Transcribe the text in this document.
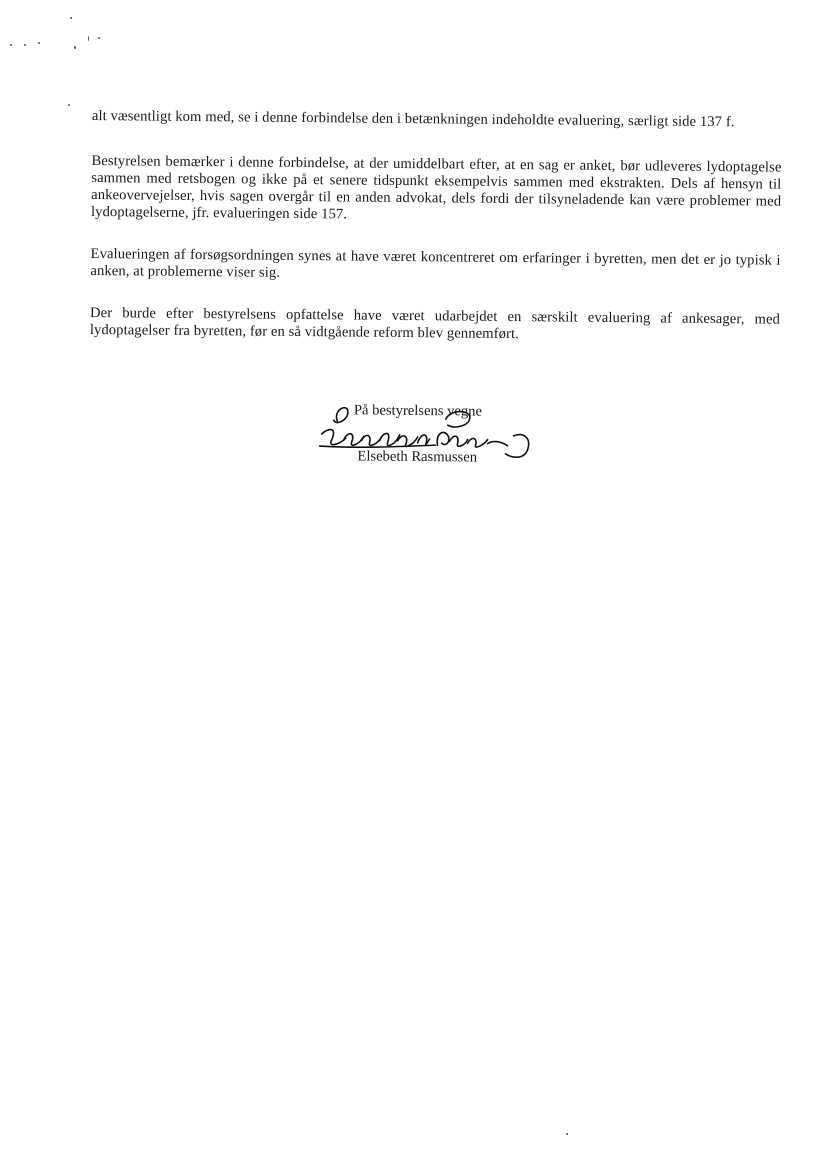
alt væsentligt kom med, se i denne forbindelse den i betænkningen indeholdte evaluering, særligt side 137 f.

Bestyrelsen bemærker i denne forbindelse, at der umiddelbart efter, at en sag er anket, bør udleveres lydoptagelse sammen med retsbogen og ikke på et senere tidspunkt eksempelvis sammen med ekstrakten. Dels af hensyn til ankeovervejelser, hvis sagen overgår til en anden advokat, dels fordi der tilsyneladende kan være problemer med lydoptagelserne, jfr. evalueringen side 157.

Evalueringen af forsøgsordningen synes at have været koncentreret om erfaringer i byretten, men det er jo typisk i anken, at problemerne viser sig.

Der burde efter bestyrelsens opfattelse have været udarbejdet en særskilt evaluering af ankesager, med lydoptagelser fra byretten, før en så vidtgående reform blev gennemført.

På bestyrelsens vegne
Elsebeth Rasmussen
